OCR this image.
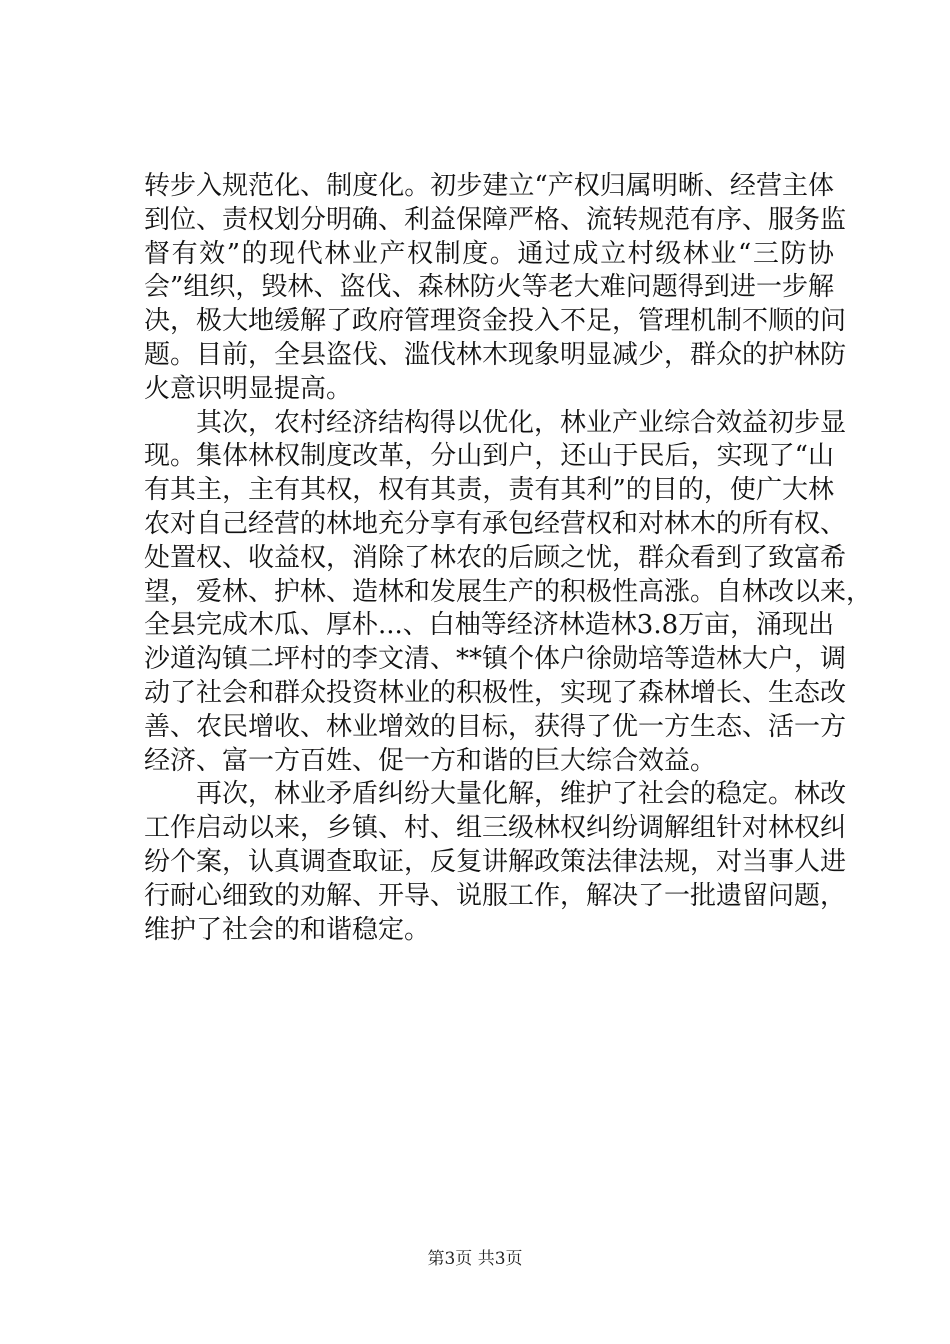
转步入规范化、制度化。初步建立“产权归属明晰、经营主体
到位、责权划分明确、利益保障严格、流转规范有序、服务监
督有效”的现代林业产权制度。通过成立村级林业“三防协
会”组织，毁林、盗伐、森林防火等老大难问题得到进一步解
决，极大地缓解了政府管理资金投入不足，管理机制不顺的问
题。目前，全县盗伐、滥伐林木现象明显减少，群众的护林防
火意识明显提高。
其次，农村经济结构得以优化，林业产业综合效益初步显
现。集体林权制度改革，分山到户，还山于民后，实现了“山
有其主，主有其权，权有其责，责有其利”的目的，使广大林
农对自己经营的林地充分享有承包经营权和对林木的所有权、
处置权、收益权，消除了林农的后顾之忧，群众看到了致富希
望，爱林、护林、造林和发展生产的积极性高涨。自林改以来，
全县完成木瓜、厚朴...、白柚等经济林造林3.8万亩，涌现出
沙道沟镇二坪村的李文清、**镇个体户徐勋培等造林大户，调
动了社会和群众投资林业的积极性，实现了森林增长、生态改
善、农民增收、林业增效的目标，获得了优一方生态、活一方
经济、富一方百姓、促一方和谐的巨大综合效益。
再次，林业矛盾纠纷大量化解，维护了社会的稳定。林改
工作启动以来，乡镇、村、组三级林权纠纷调解组针对林权纠
纷个案，认真调查取证，反复讲解政策法律法规，对当事人进
行耐心细致的劝解、开导、说服工作，解决了一批遗留问题，
维护了社会的和谐稳定。
第3页 共3页
